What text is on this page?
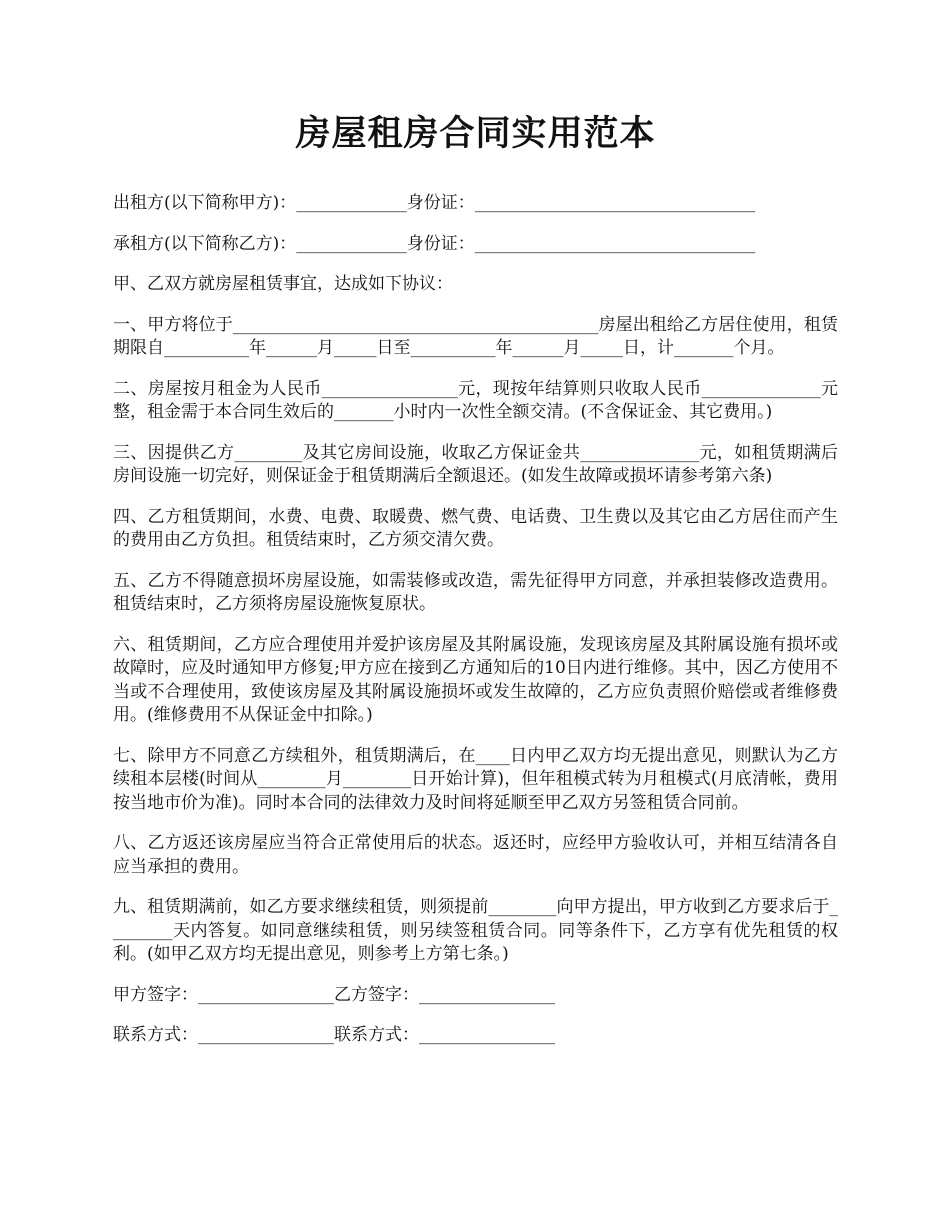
房屋租房合同实用范本

出租方(以下简称甲方)：_____________身份证：_________________________________

承租方(以下简称乙方)：_____________身份证：_________________________________

甲、乙双方就房屋租赁事宜，达成如下协议：

一、甲方将位于___________________________________________房屋出租给乙方居住使用，租赁期限自__________年______月_____日至__________年______月_____日，计_______个月。

二、房屋按月租金为人民币________________元，现按年结算则只收取人民币______________元整，租金需于本合同生效后的_______小时内一次性全额交清。(不含保证金、其它费用。)

三、因提供乙方________及其它房间设施，收取乙方保证金共______________元，如租赁期满后房间设施一切完好，则保证金于租赁期满后全额退还。(如发生故障或损坏请参考第六条)

四、乙方租赁期间，水费、电费、取暖费、燃气费、电话费、卫生费以及其它由乙方居住而产生的费用由乙方负担。租赁结束时，乙方须交清欠费。

五、乙方不得随意损坏房屋设施，如需装修或改造，需先征得甲方同意，并承担装修改造费用。租赁结束时，乙方须将房屋设施恢复原状。

六、租赁期间，乙方应合理使用并爱护该房屋及其附属设施，发现该房屋及其附属设施有损坏或故障时，应及时通知甲方修复;甲方应在接到乙方通知后的10日内进行维修。其中，因乙方使用不当或不合理使用，致使该房屋及其附属设施损坏或发生故障的，乙方应负责照价赔偿或者维修费用。(维修费用不从保证金中扣除。)

七、除甲方不同意乙方续租外，租赁期满后，在____日内甲乙双方均无提出意见，则默认为乙方续租本层楼(时间从________月________日开始计算)，但年租模式转为月租模式(月底清帐，费用按当地市价为准)。同时本合同的法律效力及时间将延顺至甲乙双方另签租赁合同前。

八、乙方返还该房屋应当符合正常使用后的状态。返还时，应经甲方验收认可，并相互结清各自应当承担的费用。

九、租赁期满前，如乙方要求继续租赁，则须提前________向甲方提出，甲方收到乙方要求后于________天内答复。如同意继续租赁，则另续签租赁合同。同等条件下，乙方享有优先租赁的权利。(如甲乙双方均无提出意见，则参考上方第七条。)

甲方签字：________________乙方签字：________________

联系方式：________________联系方式：________________
